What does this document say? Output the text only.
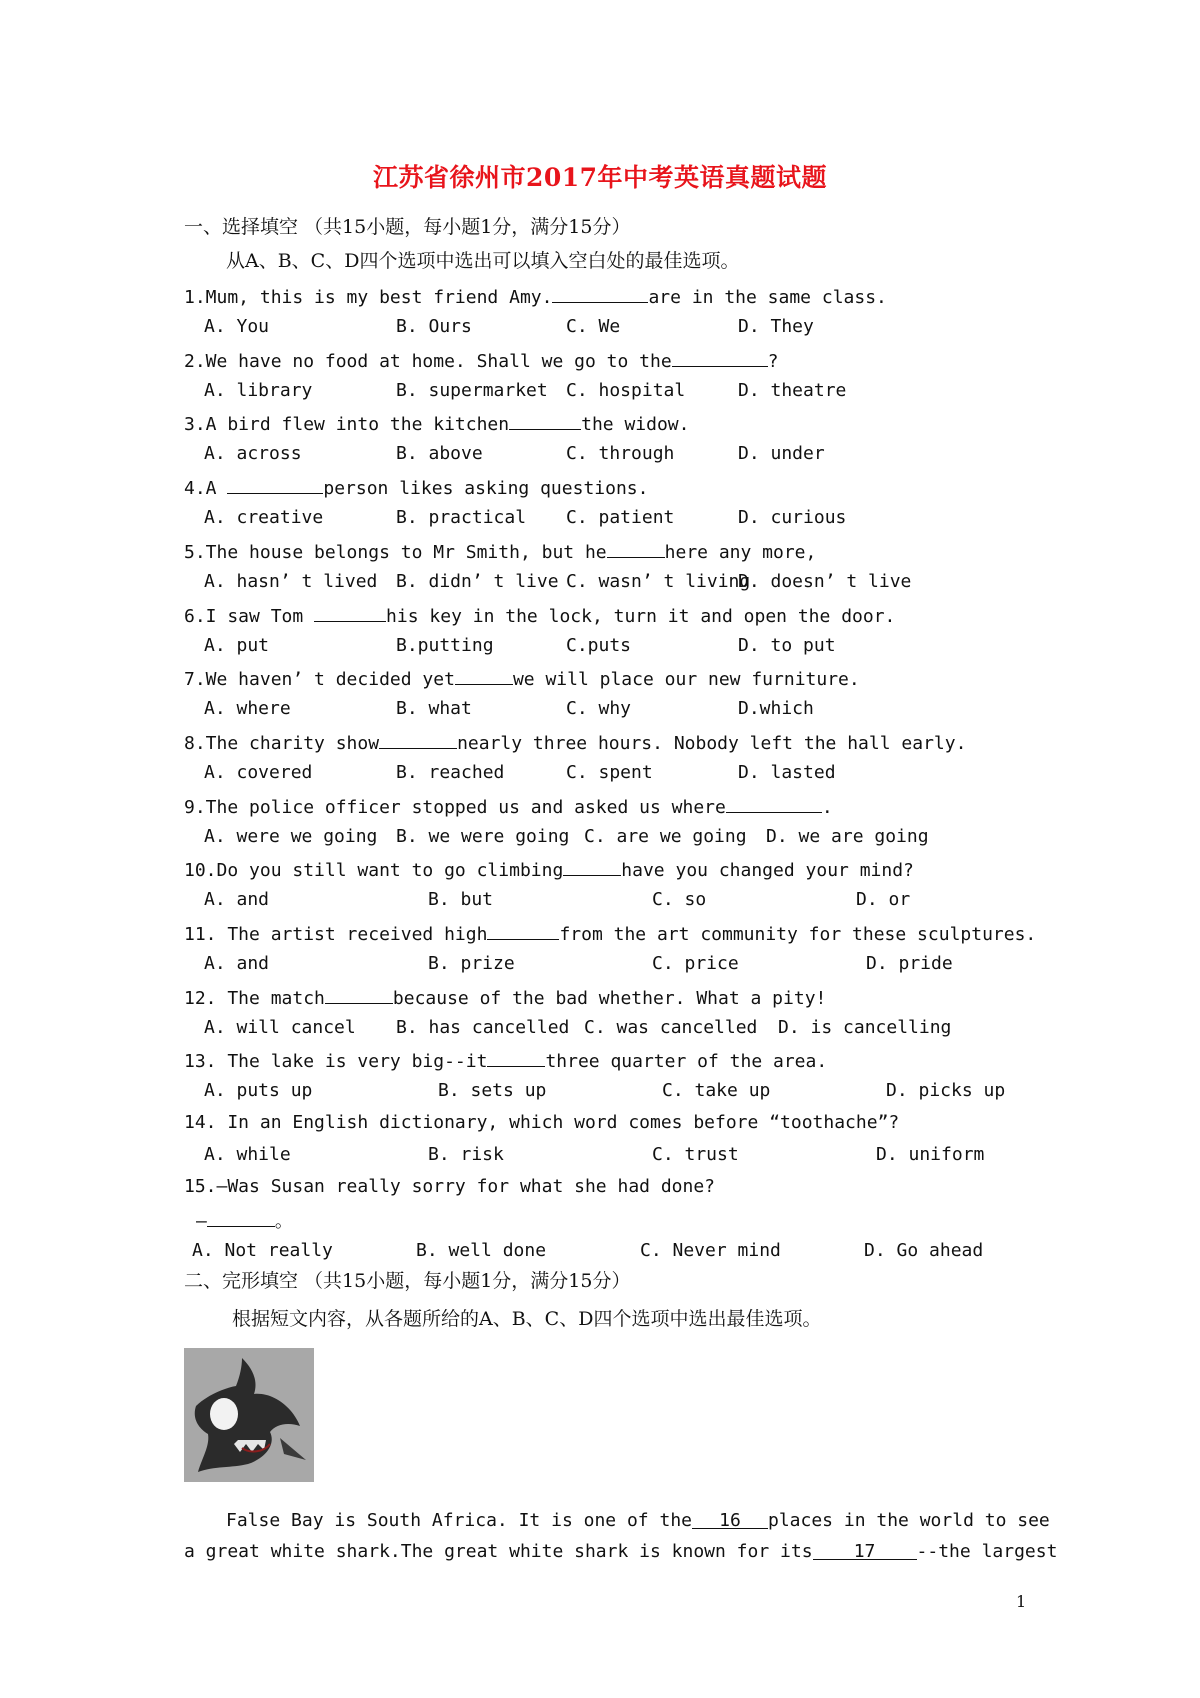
江苏省徐州市2017年中考英语真题试题
一、选择填空 （共15小题，每小题1分，满分15分）
从A、B、C、D四个选项中选出可以填入空白处的最佳选项。
1.Mum, this is my best friend Amy.	are in the same class.
A. You	B. Ours	C. We	D. They
2.We have no food at home. Shall we go to the	?
A. library	B. supermarket C. hospital	D. theatre
3.A bird flew into the kitchen	the widow.
A. across	B. above	C. through	D. under
4.A	person likes asking questions.
A. creative	B. practical C. patient	D. curious
5.The house belongs to Mr Smith, but he	here any more,
A. hasn’ t lived B. didn’ t live C. wasn’ t living
D. doesn’ t live
6.I saw Tom	his key in the lock, turn it and open the door.
A. put	B.putting	C.puts	D. to put
7.We haven’ t decided yet	we will place our new furniture.
A. where	B. what	C. why	D.which
8.The charity show	nearly three hours. Nobody left the hall early.
A. covered	B. reached	C. spent	D. lasted
9.The police officer stopped us and asked us where	.
A. were we going B. we were going C. are we going D. we are going
10.Do you still want to go climbing	have you changed your mind?
A. and	B. but	C. so	D. or
11. The artist received high	from the art community for these sculptures.
A. and	B. prize	C. price	D. pride
12. The match	because of the bad whether. What a pity!
A. will cancel B. has cancelled C. was cancelled D. is cancelling
13. The lake is very big--it	three quarter of the area.
A. puts up	B. sets up	C. take up	D. picks up
14. In an English dictionary, which word comes before “toothache”?
A. while	B. risk	C. trust	D. uniform
15.—Was Susan really sorry for what she had done?
—	。
A. Not really	B. well done	C. Never mind	D. Go ahead
二、完形填空 （共15小题，每小题1分，满分15分）
根据短文内容，从各题所给的A、B、C、D四个选项中选出最佳选项。
False Bay is South Africa. It is one of the 16 places in the world to see
a great white shark.The great white shark is known for its 17 --the largest
1
